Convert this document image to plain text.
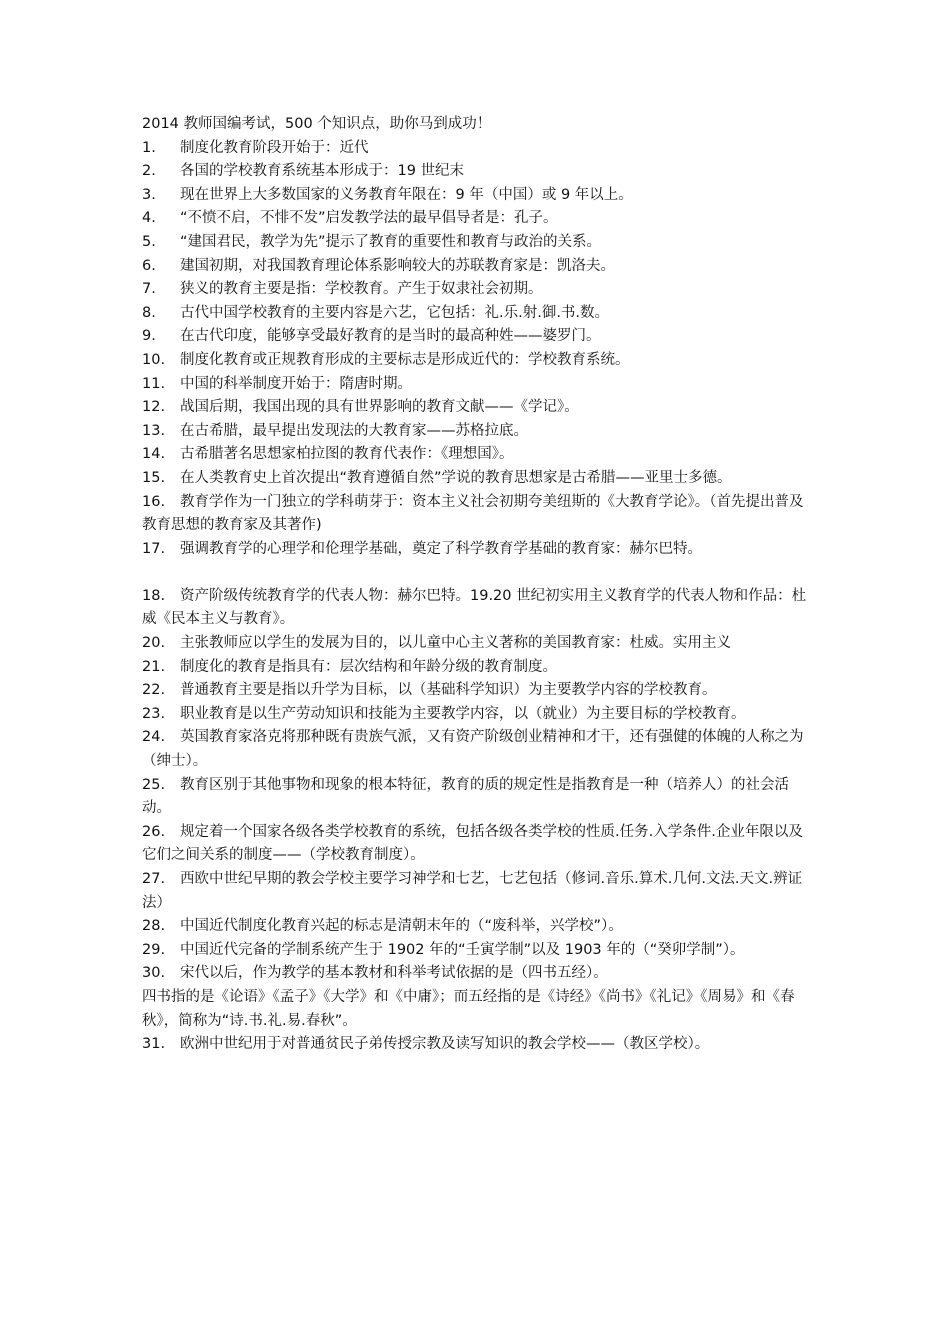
2014 教师国编考试，500 个知识点，助你马到成功！

1.	制度化教育阶段开始于：近代
2.	各国的学校教育系统基本形成于：19 世纪末
3.	现在世界上大多数国家的义务教育年限在：9 年（中国）或 9 年以上。
4.	“不愤不启，不悱不发”启发教学法的最早倡导者是：孔子。
5.	“建国君民，教学为先”提示了教育的重要性和教育与政治的关系。
6.	建国初期，对我国教育理论体系影响较大的苏联教育家是：凯洛夫。
7.	狭义的教育主要是指：学校教育。产生于奴隶社会初期。
8.	古代中国学校教育的主要内容是六艺，它包括：礼.乐.射.御.书.数。
9.	在古代印度，能够享受最好教育的是当时的最高种姓——婆罗门。
10.	制度化教育或正规教育形成的主要标志是形成近代的：学校教育系统。
11.	中国的科举制度开始于：隋唐时期。
12.	战国后期，我国出现的具有世界影响的教育文献——《学记》。
13.	在古希腊，最早提出发现法的大教育家——苏格拉底。
14.	古希腊著名思想家柏拉图的教育代表作：《理想国》。
15.	在人类教育史上首次提出“教育遵循自然”学说的教育思想家是古希腊——亚里士多德。
16.	教育学作为一门独立的学科萌芽于：资本主义社会初期夸美纽斯的《大教育学论》。（首先提出普及教育思想的教育家及其著作)
17.	强调教育学的心理学和伦理学基础，奠定了科学教育学基础的教育家：赫尔巴特。
18.	资产阶级传统教育学的代表人物：赫尔巴特。19.20 世纪初实用主义教育学的代表人物和作品：杜威《民本主义与教育》。
20.	主张教师应以学生的发展为目的，以儿童中心主义著称的美国教育家：杜威。实用主义
21.	制度化的教育是指具有：层次结构和年龄分级的教育制度。
22.	普通教育主要是指以升学为目标，以（基础科学知识）为主要教学内容的学校教育。
23.	职业教育是以生产劳动知识和技能为主要教学内容，以（就业）为主要目标的学校教育。
24.	英国教育家洛克将那种既有贵族气派，又有资产阶级创业精神和才干，还有强健的体魄的人称之为（绅士）。
25.	教育区别于其他事物和现象的根本特征，教育的质的规定性是指教育是一种（培养人）的社会活动。
26.	规定着一个国家各级各类学校教育的系统，包括各级各类学校的性质.任务.入学条件.企业年限以及它们之间关系的制度——（学校教育制度）。
27.	西欧中世纪早期的教会学校主要学习神学和七艺，七艺包括（修词.音乐.算术.几何.文法.天文.辨证法）
28.	中国近代制度化教育兴起的标志是清朝末年的（“废科举，兴学校”）。
29.	中国近代完备的学制系统产生于 1902 年的“壬寅学制”以及 1903 年的（“癸卯学制”）。
30.	宋代以后，作为教学的基本教材和科举考试依据的是（四书五经）。

四书指的是《论语》《孟子》《大学》和《中庸》；而五经指的是《诗经》《尚书》《礼记》《周易》和《春秋》，简称为“诗.书.礼.易.春秋”。

31.	欧洲中世纪用于对普通贫民子弟传授宗教及读写知识的教会学校——（教区学校）。
